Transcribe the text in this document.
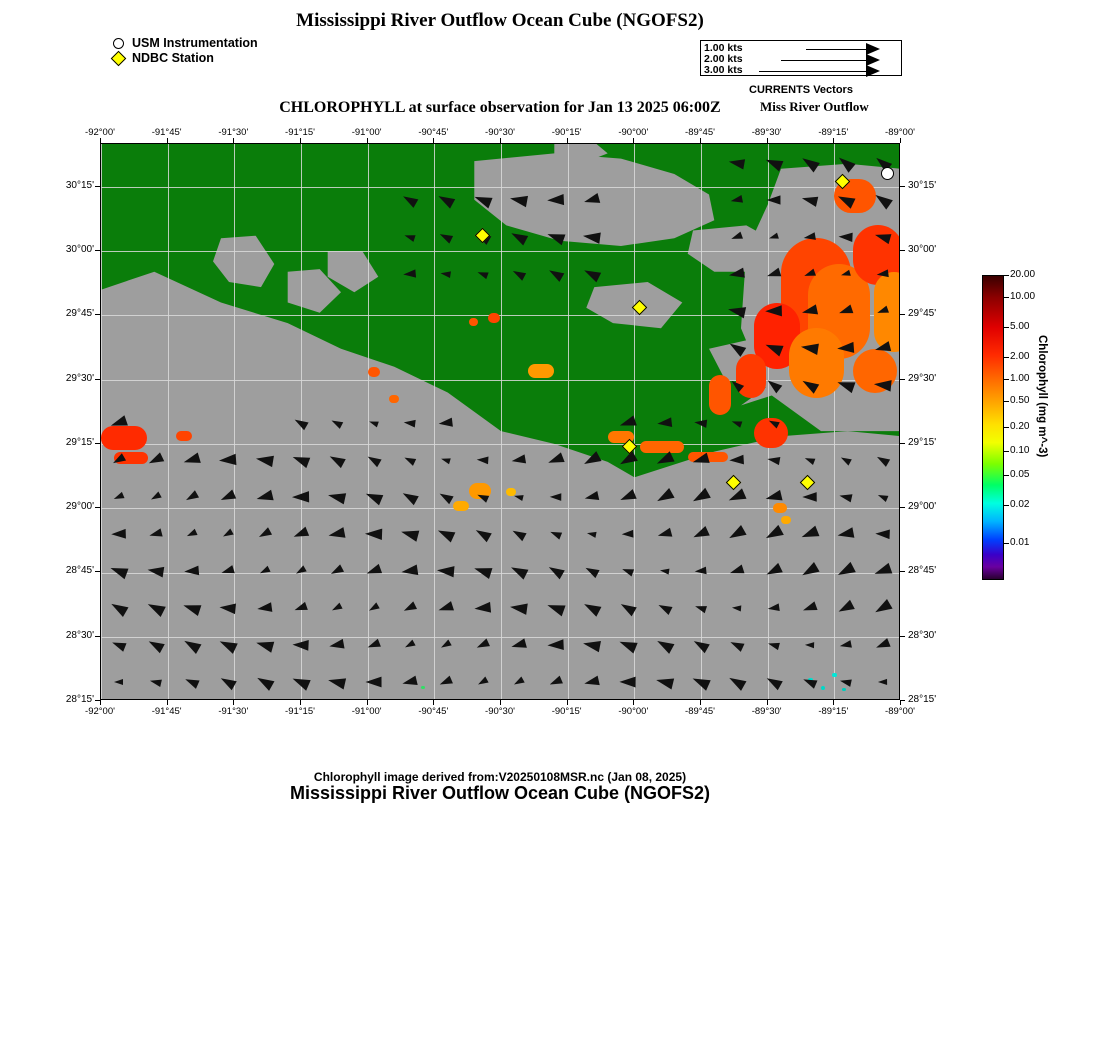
Mississippi River Outflow Ocean Cube (NGOFS2)
USM Instrumentation
NDBC Station
1.00 kts
2.00 kts
3.00 kts
CURRENTS Vectors
Miss River Outflow
CHLOROPHYLL at surface observation for Jan 13 2025 06:00Z
-92°00'
-92°00'
-91°45'
-91°45'
-91°30'
-91°30'
-91°15'
-91°15'
-91°00'
-91°00'
-90°45'
-90°45'
-90°30'
-90°30'
-90°15'
-90°15'
-90°00'
-90°00'
-89°45'
-89°45'
-89°30'
-89°30'
-89°15'
-89°15'
-89°00'
-89°00'
30°15'	30°15'
30°00'	30°00'
29°45'	29°45'
29°30'	29°30'
29°15'	29°15'
29°00'	29°00'
28°45'	28°45'
28°30'	28°30'
28°15'	28°15'
Chlorophyll (mg m^-3)
20.00
10.00
5.00
2.00
1.00
0.50
0.20
0.10
0.05
0.02
0.01
Chlorophyll image derived from:V20250108MSR.nc (Jan 08, 2025)
Mississippi River Outflow Ocean Cube (NGOFS2)
